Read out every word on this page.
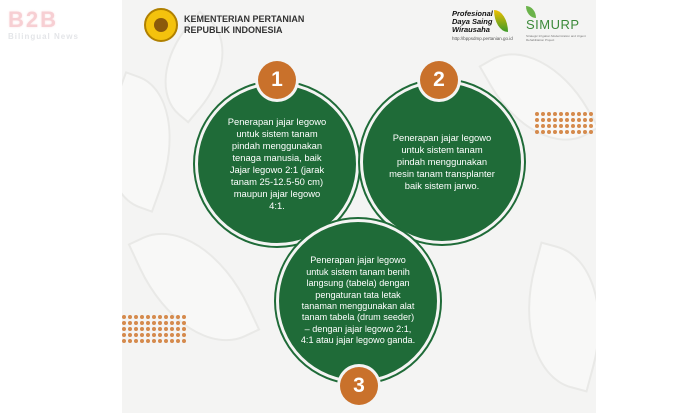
B2B
Bilingual News
KEMENTERIAN PERTANIAN
REPUBLIK INDONESIA
Profesional Daya Saing Wirausaha
http://bppsdmp.pertanian.go.id
SIMURP
Strategic Irrigation Modernization and Urgent Rehabilitation Project
Penerapan jajar legowo untuk sistem tanam pindah menggunakan tenaga manusia, baik Jajar legowo 2:1 (jarak tanam 25-12.5-50 cm) maupun jajar legowo 4:1.
Penerapan jajar legowo untuk sistem tanam pindah menggunakan mesin tanam transplanter baik sistem jarwo.
Penerapan jajar legowo untuk sistem tanam benih langsung (tabela) dengan pengaturan tata letak tanaman menggunakan alat tanam tabela (drum seeder) – dengan jajar legowo 2:1, 4:1 atau jajar legowo ganda.
1	2
3
